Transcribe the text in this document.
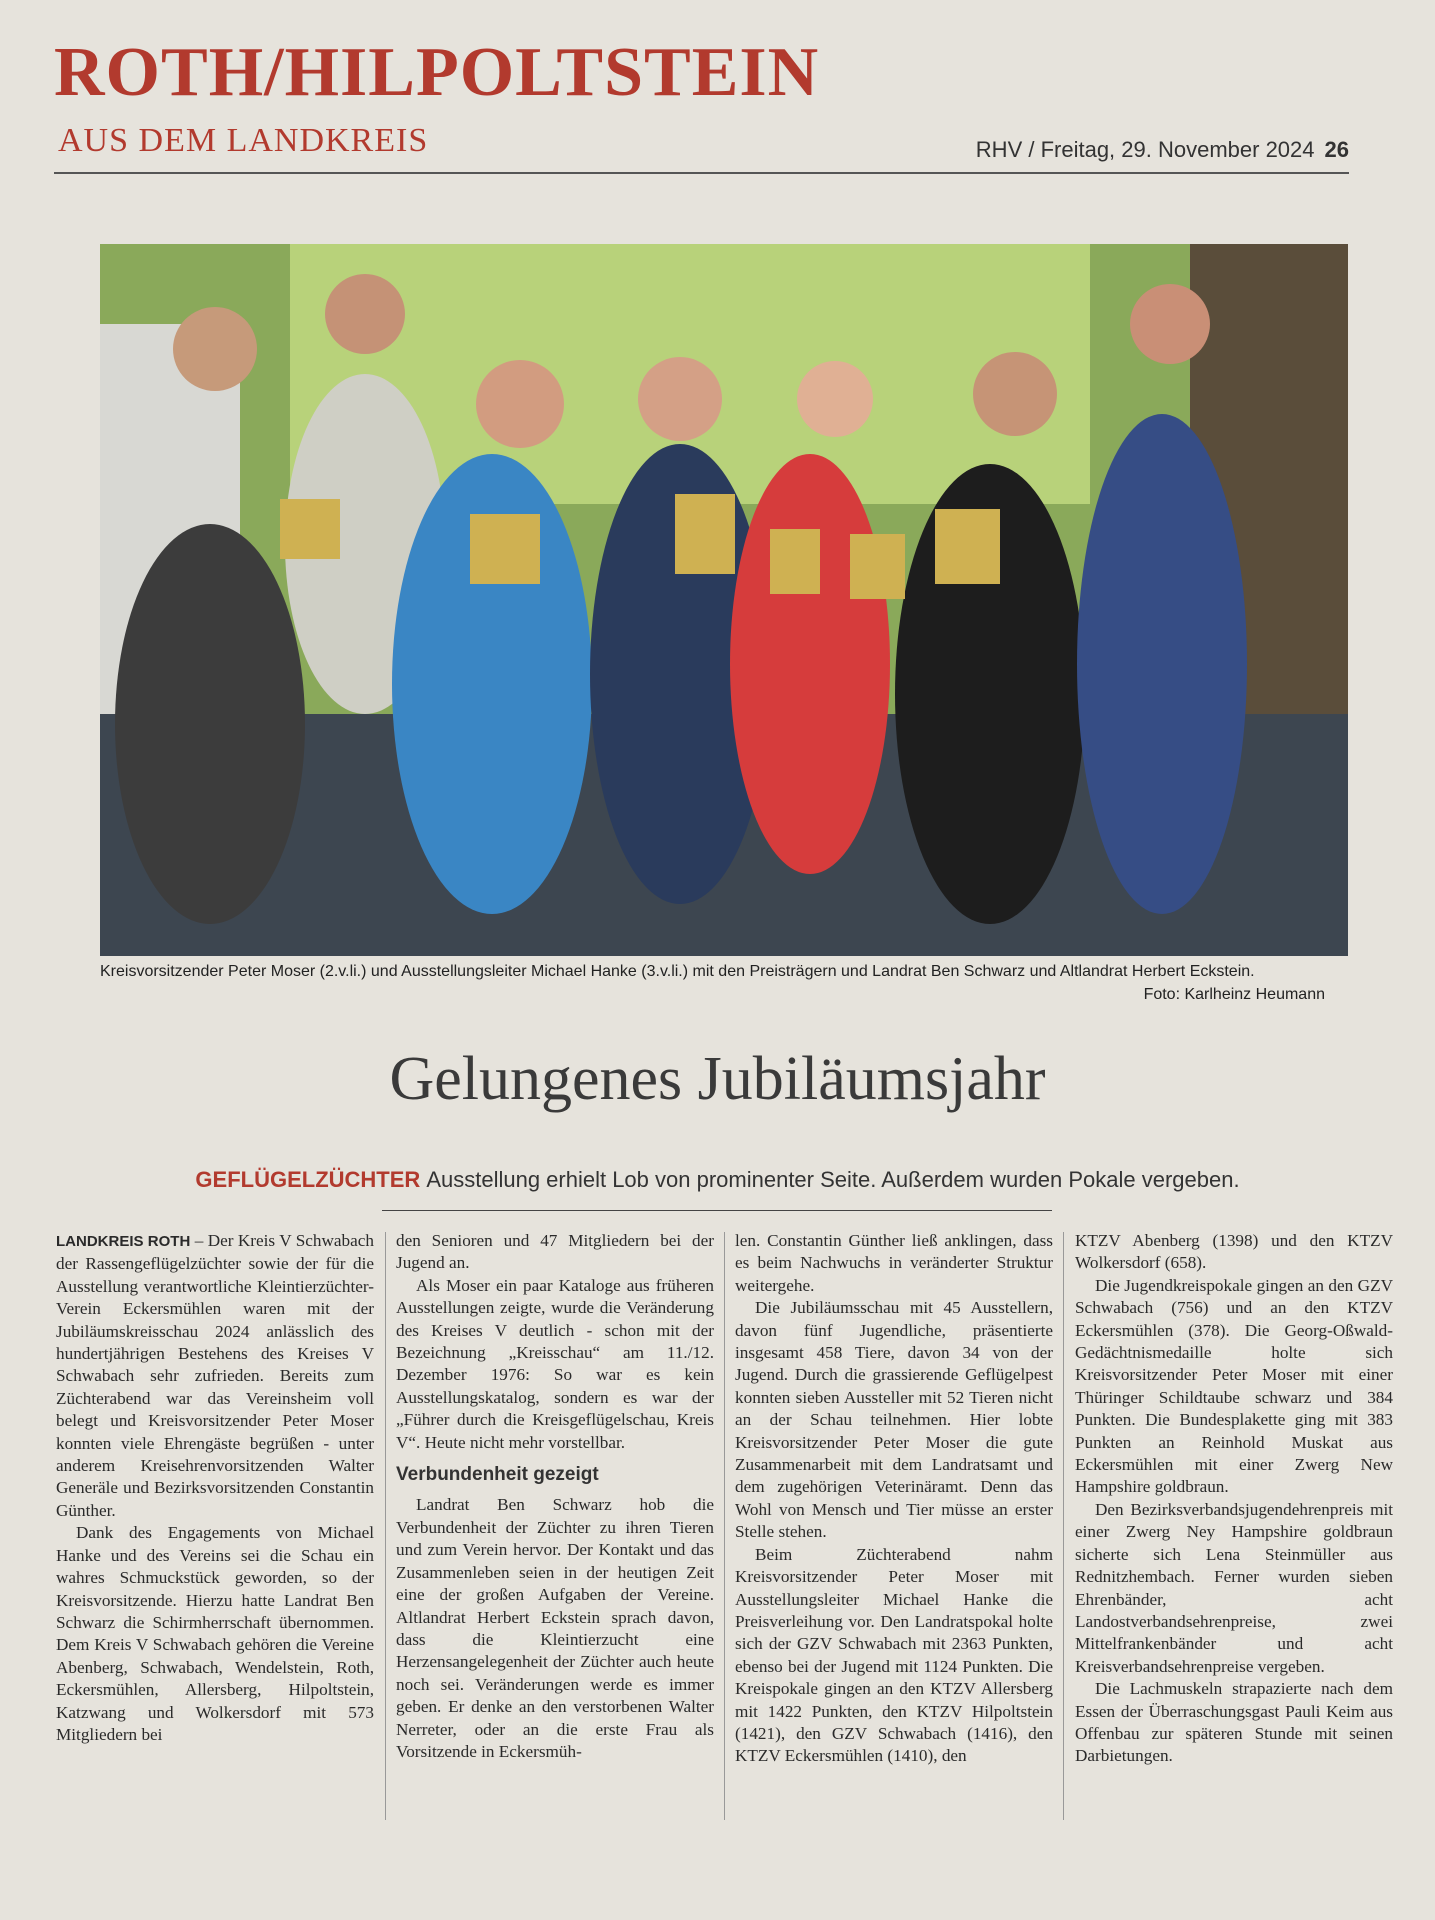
ROTH/HILPOLTSTEIN
AUS DEM LANDKREIS	RHV / Freitag, 29. November 2024 26
Kreisvorsitzender Peter Moser (2.v.li.) und Ausstellungsleiter Michael Hanke (3.v.li.) mit den Preisträgern und Landrat Ben Schwarz und Altlandrat Herbert Eckstein.
Foto: Karlheinz Heumann
Gelungenes Jubiläumsjahr
GEFLÜGELZÜCHTER Ausstellung erhielt Lob von prominenter Seite. Außerdem wurden Pokale vergeben.

LANDKREIS ROTH – Der Kreis V Schwabach der Rassengeflügelzüchter sowie der für die Ausstellung verantwortliche Kleintierzüchter-Verein Eckersmühlen waren mit der Jubiläumskreisschau 2024 anlässlich des hundertjährigen Bestehens des Kreises V Schwabach sehr zufrieden. Bereits zum Züchterabend war das Vereinsheim voll belegt und Kreisvorsitzender Peter Moser konnten viele Ehrengäste begrüßen - unter anderem Kreisehrenvorsitzenden Walter Generäle und Bezirksvorsitzenden Constantin Günther.

Dank des Engagements von Michael Hanke und des Vereins sei die Schau ein wahres Schmuckstück geworden, so der Kreisvorsitzende. Hierzu hatte Landrat Ben Schwarz die Schirmherrschaft übernommen. Dem Kreis V Schwabach gehören die Vereine Abenberg, Schwabach, Wendelstein, Roth, Eckersmühlen, Allersberg, Hilpoltstein, Katzwang und Wolkersdorf mit 573 Mitgliedern bei

den Senioren und 47 Mitgliedern bei der Jugend an.

Als Moser ein paar Kataloge aus früheren Ausstellungen zeigte, wurde die Veränderung des Kreises V deutlich - schon mit der Bezeichnung „Kreisschau“ am 11./12. Dezember 1976: So war es kein Ausstellungskatalog, sondern es war der „Führer durch die Kreisgeflügelschau, Kreis V“. Heute nicht mehr vorstellbar.

Verbundenheit gezeigt

Landrat Ben Schwarz hob die Verbundenheit der Züchter zu ihren Tieren und zum Verein hervor. Der Kontakt und das Zusammenleben seien in der heutigen Zeit eine der großen Aufgaben der Vereine. Altlandrat Herbert Eckstein sprach davon, dass die Kleintierzucht eine Herzensangelegenheit der Züchter auch heute noch sei. Veränderungen werde es immer geben. Er denke an den verstorbenen Walter Nerreter, oder an die erste Frau als Vorsitzende in Eckersmüh-

len. Constantin Günther ließ anklingen, dass es beim Nachwuchs in veränderter Struktur weitergehe.

Die Jubiläumsschau mit 45 Ausstellern, davon fünf Jugendliche, präsentierte insgesamt 458 Tiere, davon 34 von der Jugend. Durch die grassierende Geflügelpest konnten sieben Aussteller mit 52 Tieren nicht an der Schau teilnehmen. Hier lobte Kreisvorsitzender Peter Moser die gute Zusammenarbeit mit dem Landratsamt und dem zugehörigen Veterinäramt. Denn das Wohl von Mensch und Tier müsse an erster Stelle stehen.

Beim Züchterabend nahm Kreisvorsitzender Peter Moser mit Ausstellungsleiter Michael Hanke die Preisverleihung vor. Den Landratspokal holte sich der GZV Schwabach mit 2363 Punkten, ebenso bei der Jugend mit 1124 Punkten. Die Kreispokale gingen an den KTZV Allersberg mit 1422 Punkten, den KTZV Hilpoltstein (1421), den GZV Schwabach (1416), den KTZV Eckersmühlen (1410), den

KTZV Abenberg (1398) und den KTZV Wolkersdorf (658).

Die Jugendkreispokale gingen an den GZV Schwabach (756) und an den KTZV Eckersmühlen (378). Die Georg-Oßwald-Gedächtnismedaille holte sich Kreisvorsitzender Peter Moser mit einer Thüringer Schildtaube schwarz und 384 Punkten. Die Bundesplakette ging mit 383 Punkten an Reinhold Muskat aus Eckersmühlen mit einer Zwerg New Hampshire goldbraun.

Den Bezirksverbandsjugendehrenpreis mit einer Zwerg Ney Hampshire goldbraun sicherte sich Lena Steinmüller aus Rednitzhembach. Ferner wurden sieben Ehrenbänder, acht Landostverbandsehrenpreise, zwei Mittelfrankenbänder und acht Kreisverbandsehrenpreise vergeben.

Die Lachmuskeln strapazierte nach dem Essen der Überraschungsgast Pauli Keim aus Offenbau zur späteren Stunde mit seinen Darbietungen.
